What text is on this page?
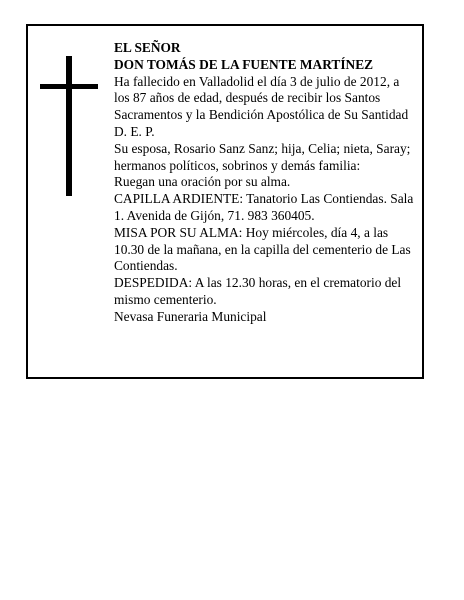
EL SEÑOR

DON TOMÁS DE LA FUENTE MARTÍNEZ

Ha fallecido en Valladolid el día 3 de julio de 2012, a los 87 años de edad, después de recibir los Santos Sacramentos y la Bendición Apostólica de Su Santidad D. E. P.

Su esposa, Rosario Sanz Sanz; hija, Celia; nieta, Saray; hermanos políticos, sobrinos y demás familia:

Ruegan una oración por su alma.

CAPILLA ARDIENTE: Tanatorio Las Contiendas. Sala 1. Avenida de Gijón, 71. 983 360405.

MISA POR SU ALMA: Hoy miércoles, día 4, a las 10.30 de la mañana, en la capilla del cementerio de Las Contiendas.

DESPEDIDA: A las 12.30 horas, en el crematorio del mismo cementerio.

Nevasa Funeraria Municipal
